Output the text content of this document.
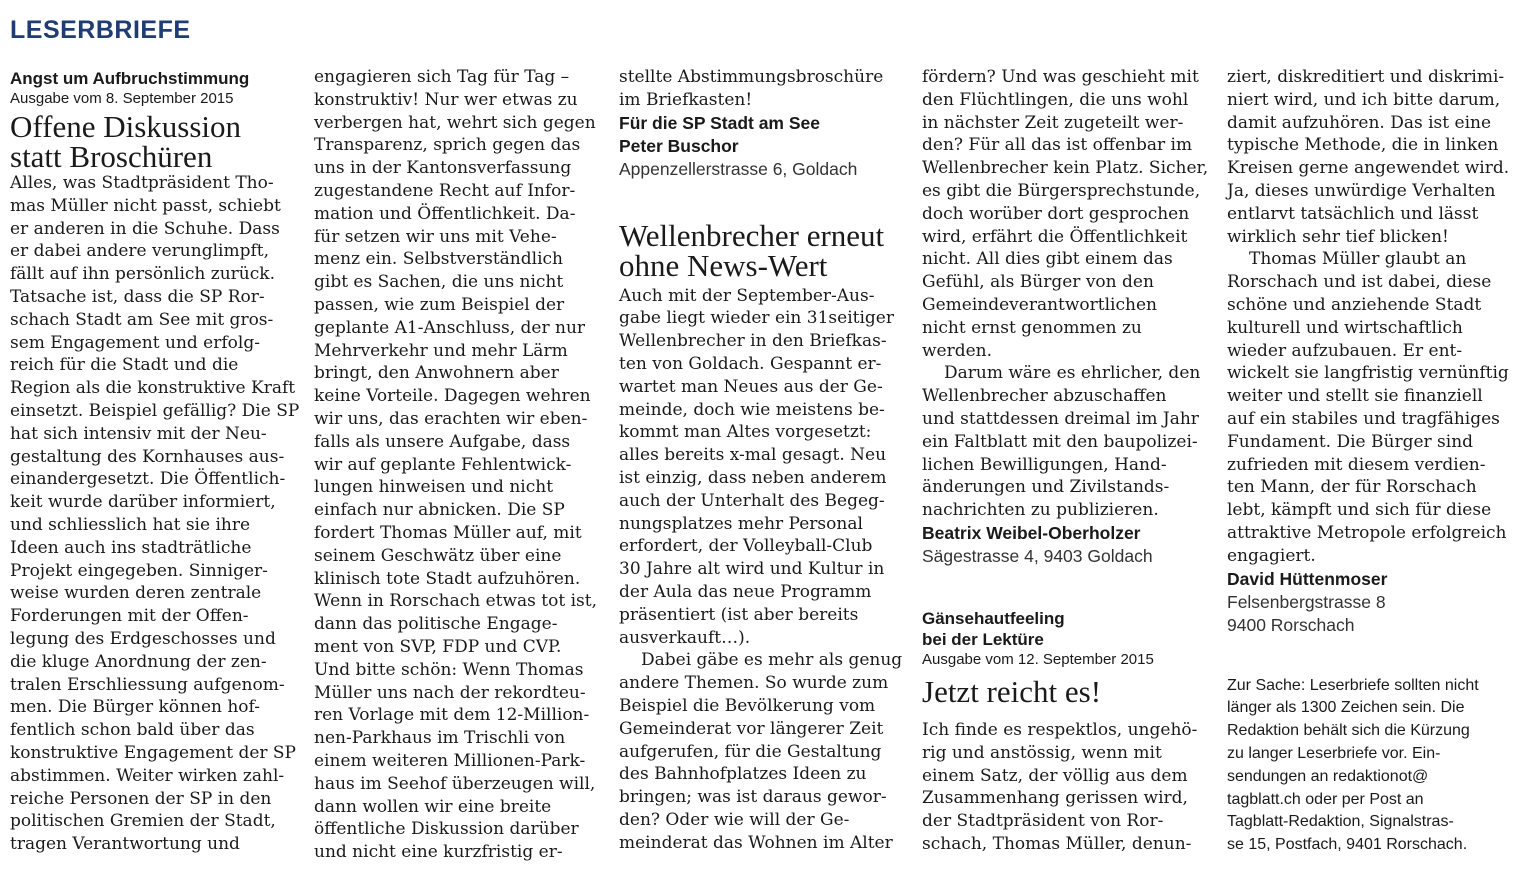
LESERBRIEFE

Angst um Aufbruchstimmung

Ausgabe vom 8. September 2015

Offene Diskussion

statt Broschüren

Alles, was Stadtpräsident Tho-

mas Müller nicht passt, schiebt

er anderen in die Schuhe. Dass

er dabei andere verunglimpft,

fällt auf ihn persönlich zurück.

Tatsache ist, dass die SP Ror-

schach Stadt am See mit gros-

sem Engagement und erfolg-

reich für die Stadt und die

Region als die konstruktive Kraft

einsetzt. Beispiel gefällig? Die SP

hat sich intensiv mit der Neu-

gestaltung des Kornhauses aus-

einandergesetzt. Die Öffentlich-

keit wurde darüber informiert,

und schliesslich hat sie ihre

Ideen auch ins stadträtliche

Projekt eingegeben. Sinniger-

weise wurden deren zentrale

Forderungen mit der Offen-

legung des Erdgeschosses und

die kluge Anordnung der zen-

tralen Erschliessung aufgenom-

men. Die Bürger können hof-

fentlich schon bald über das

konstruktive Engagement der SP

abstimmen. Weiter wirken zahl-

reiche Personen der SP in den

politischen Gremien der Stadt,

tragen Verantwortung und

engagieren sich Tag für Tag –

konstruktiv! Nur wer etwas zu

verbergen hat, wehrt sich gegen

Transparenz, sprich gegen das

uns in der Kantonsverfassung

zugestandene Recht auf Infor-

mation und Öffentlichkeit. Da-

für setzen wir uns mit Vehe-

menz ein. Selbstverständlich

gibt es Sachen, die uns nicht

passen, wie zum Beispiel der

geplante A1-Anschluss, der nur

Mehrverkehr und mehr Lärm

bringt, den Anwohnern aber

keine Vorteile. Dagegen wehren

wir uns, das erachten wir eben-

falls als unsere Aufgabe, dass

wir auf geplante Fehlentwick-

lungen hinweisen und nicht

einfach nur abnicken. Die SP

fordert Thomas Müller auf, mit

seinem Geschwätz über eine

klinisch tote Stadt aufzuhören.

Wenn in Rorschach etwas tot ist,

dann das politische Engage-

ment von SVP, FDP und CVP.

Und bitte schön: Wenn Thomas

Müller uns nach der rekordteu-

ren Vorlage mit dem 12-Million-

nen-Parkhaus im Trischli von

einem weiteren Millionen-Park-

haus im Seehof überzeugen will,

dann wollen wir eine breite

öffentliche Diskussion darüber

und nicht eine kurzfristig er-

stellte Abstimmungsbroschüre

im Briefkasten!

Für die SP Stadt am See
Peter Buschor
Appenzellerstrasse 6, Goldach

Wellenbrecher erneut

ohne News-Wert

Auch mit der September-Aus-

gabe liegt wieder ein 31seitiger

Wellenbrecher in den Briefkas-

ten von Goldach. Gespannt er-

wartet man Neues aus der Ge-

meinde, doch wie meistens be-

kommt man Altes vorgesetzt:

alles bereits x-mal gesagt. Neu

ist einzig, dass neben anderem

auch der Unterhalt des Begeg-

nungsplatzes mehr Personal

erfordert, der Volleyball-Club

30 Jahre alt wird und Kultur in

der Aula das neue Programm

präsentiert (ist aber bereits

ausverkauft…).

Dabei gäbe es mehr als genug

andere Themen. So wurde zum

Beispiel die Bevölkerung vom

Gemeinderat vor längerer Zeit

aufgerufen, für die Gestaltung

des Bahnhofplatzes Ideen zu

bringen; was ist daraus gewor-

den? Oder wie will der Ge-

meinderat das Wohnen im Alter

fördern? Und was geschieht mit

den Flüchtlingen, die uns wohl

in nächster Zeit zugeteilt wer-

den? Für all das ist offenbar im

Wellenbrecher kein Platz. Sicher,

es gibt die Bürgersprechstunde,

doch worüber dort gesprochen

wird, erfährt die Öffentlichkeit

nicht. All dies gibt einem das

Gefühl, als Bürger von den

Gemeindeverantwortlichen

nicht ernst genommen zu

werden.

Darum wäre es ehrlicher, den

Wellenbrecher abzuschaffen

und stattdessen dreimal im Jahr

ein Faltblatt mit den baupolizei-

lichen Bewilligungen, Hand-

änderungen und Zivilstands-

nachrichten zu publizieren.

Beatrix Weibel-Oberholzer
Sägestrasse 4, 9403 Goldach

Gänsehautfeeling

bei der Lektüre

Ausgabe vom 12. September 2015

Jetzt reicht es!

Ich finde es respektlos, ungehö-

rig und anstössig, wenn mit

einem Satz, der völlig aus dem

Zusammenhang gerissen wird,

der Stadtpräsident von Ror-

schach, Thomas Müller, denun-

ziert, diskreditiert und diskrimi-

niert wird, und ich bitte darum,

damit aufzuhören. Das ist eine

typische Methode, die in linken

Kreisen gerne angewendet wird.

Ja, dieses unwürdige Verhalten

entlarvt tatsächlich und lässt

wirklich sehr tief blicken!

Thomas Müller glaubt an

Rorschach und ist dabei, diese

schöne und anziehende Stadt

kulturell und wirtschaftlich

wieder aufzubauen. Er ent-

wickelt sie langfristig vernünftig

weiter und stellt sie finanziell

auf ein stabiles und tragfähiges

Fundament. Die Bürger sind

zufrieden mit diesem verdien-

ten Mann, der für Rorschach

lebt, kämpft und sich für diese

attraktive Metropole erfolgreich

engagiert.

David Hüttenmoser
Felsenbergstrasse 8
9400 Rorschach

Zur Sache: Leserbriefe sollten nicht

länger als 1300 Zeichen sein. Die

Redaktion behält sich die Kürzung

zu langer Leserbriefe vor. Ein-

sendungen an redaktionot@

tagblatt.ch oder per Post an

Tagblatt-Redaktion, Signalstras-

se 15, Postfach, 9401 Rorschach.
